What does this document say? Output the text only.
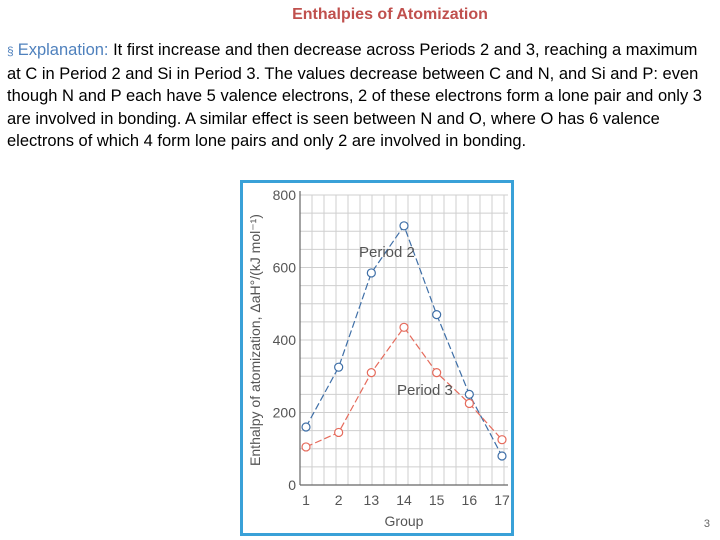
Enthalpies of Atomization
§ Explanation: It first increase and then decrease across Periods 2 and 3, reaching a maximum at C in Period 2 and Si in Period 3. The values decrease between C and N, and Si and P: even though N and P each have 5 valence electrons, 2 of these electrons form a lone pair and only 3 are involved in bonding. A similar effect is seen between N and O, where O has 6 valence electrons of which 4 form lone pairs and only 2 are involved in bonding.
0
200
400
600
800
1 2 13 14 15 16 17
Group
Enthalpy of atomization, ΔaH°/(kJ mol⁻¹)	Period 2
Period 3
3
